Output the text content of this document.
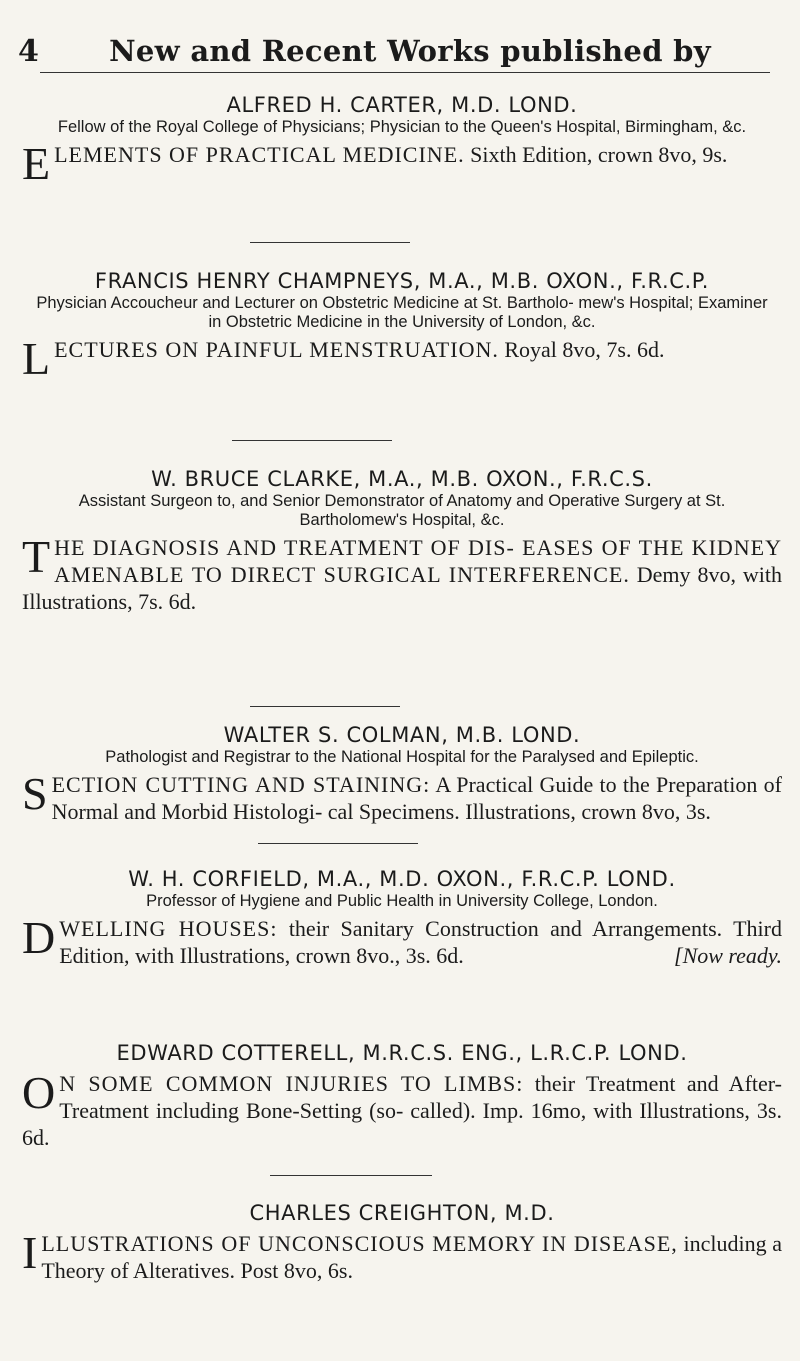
4	New and Recent Works published by
ALFRED H. CARTER, M.D. LOND.
Fellow of the Royal College of Physicians; Physician to the Queen's Hospital, Birmingham, &c.
E LEMENTS OF PRACTICAL MEDICINE. Sixth Edition, crown 8vo, 9s.
FRANCIS HENRY CHAMPNEYS, M.A., M.B. OXON., F.R.C.P.
Physician Accoucheur and Lecturer on Obstetric Medicine at St. Bartholo- mew's Hospital; Examiner in Obstetric Medicine in the University of London, &c.
L ECTURES ON PAINFUL MENSTRUATION. Royal 8vo, 7s. 6d.
W. BRUCE CLARKE, M.A., M.B. OXON., F.R.C.S.
Assistant Surgeon to, and Senior Demonstrator of Anatomy and Operative Surgery at St. Bartholomew's Hospital, &c.
T HE DIAGNOSIS AND TREATMENT OF DIS- EASES OF THE KIDNEY AMENABLE TO DIRECT SURGICAL INTERFERENCE. Demy 8vo, with Illustrations, 7s. 6d.
WALTER S. COLMAN, M.B. LOND.
Pathologist and Registrar to the National Hospital for the Paralysed and Epileptic.
S ECTION CUTTING AND STAINING: A Practical Guide to the Preparation of Normal and Morbid Histologi- cal Specimens. Illustrations, crown 8vo, 3s.
W. H. CORFIELD, M.A., M.D. OXON., F.R.C.P. LOND.
Professor of Hygiene and Public Health in University College, London.
D WELLING HOUSES: their Sanitary Construction and Arrangements. Third Edition, with Illustrations, crown 8vo., 3s. 6d.	[Now ready.
EDWARD COTTERELL, M.R.C.S. ENG., L.R.C.P. LOND.
O N SOME COMMON INJURIES TO LIMBS: their Treatment and After-Treatment including Bone-Setting (so- called). Imp. 16mo, with Illustrations, 3s. 6d.
CHARLES CREIGHTON, M.D.
I LLUSTRATIONS OF UNCONSCIOUS MEMORY IN DISEASE, including a Theory of Alteratives. Post 8vo, 6s.
